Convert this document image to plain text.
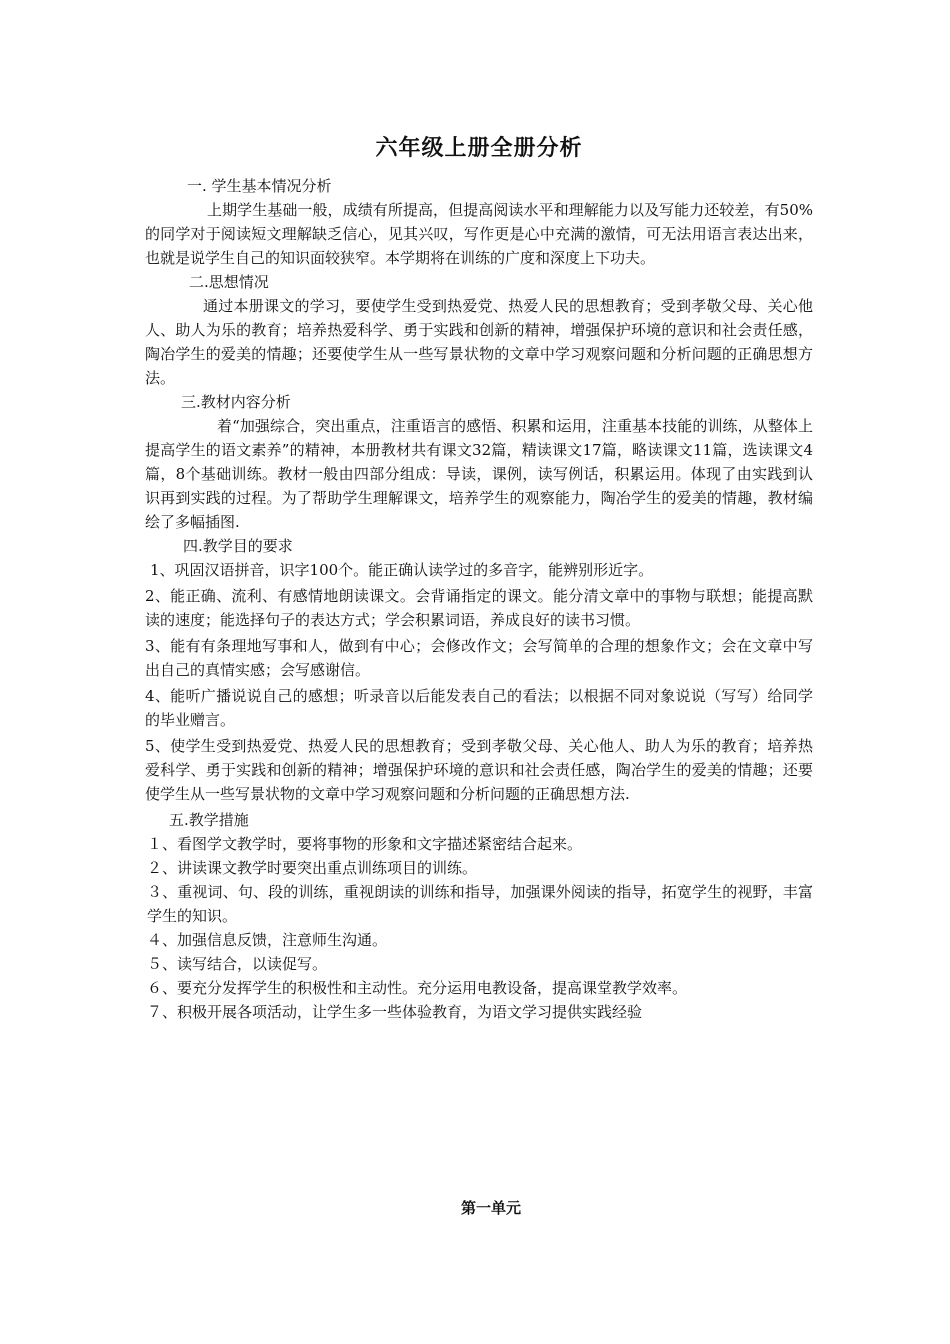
六年级上册全册分析
一. 学生基本情况分析

上期学生基础一般，成绩有所提高，但提高阅读水平和理解能力以及写能力还较差，有50%的同学对于阅读短文理解缺乏信心，见其兴叹，写作更是心中充满的激情，可无法用语言表达出来，也就是说学生自己的知识面较狭窄。本学期将在训练的广度和深度上下功夫。

二.思想情况

通过本册课文的学习，要使学生受到热爱党、热爱人民的思想教育；受到孝敬父母、关心他人、助人为乐的教育；培养热爱科学、勇于实践和创新的精神，增强保护环境的意识和社会责任感，陶冶学生的爱美的情趣；还要使学生从一些写景状物的文章中学习观察问题和分析问题的正确思想方法。

三.教材内容分析

着“加强综合，突出重点，注重语言的感悟、积累和运用，注重基本技能的训练，从整体上提高学生的语文素养”的精神，本册教材共有课文32篇，精读课文17篇，略读课文11篇，选读课文4篇，8个基础训练。教材一般由四部分组成：导读，课例，读写例话，积累运用。体现了由实践到认识再到实践的过程。为了帮助学生理解课文，培养学生的观察能力，陶冶学生的爱美的情趣，教材编绘了多幅插图.

四.教学目的要求

1、巩固汉语拼音，识字100个。能正确认读学过的多音字，能辨别形近字。

2、能正确、流利、有感情地朗读课文。会背诵指定的课文。能分清文章中的事物与联想；能提高默读的速度；能选择句子的表达方式；学会积累词语，养成良好的读书习惯。

3、能有有条理地写事和人，做到有中心；会修改作文；会写简单的合理的想象作文；会在文章中写出自己的真情实感；会写感谢信。

4、能听广播说说自己的感想；听录音以后能发表自己的看法；以根据不同对象说说（写写）给同学的毕业赠言。

5、使学生受到热爱党、热爱人民的思想教育；受到孝敬父母、关心他人、助人为乐的教育；培养热爱科学、勇于实践和创新的精神；增强保护环境的意识和社会责任感，陶冶学生的爱美的情趣；还要使学生从一些写景状物的文章中学习观察问题和分析问题的正确思想方法.

五.教学措施

１、看图学文教学时，要将事物的形象和文字描述紧密结合起来。

２、讲读课文教学时要突出重点训练项目的训练。

３、重视词、句、段的训练，重视朗读的训练和指导，加强课外阅读的指导，拓宽学生的视野，丰富学生的知识。

４、加强信息反馈，注意师生沟通。

５、读写结合，以读促写。

６、要充分发挥学生的积极性和主动性。充分运用电教设备，提高课堂教学效率。

７、积极开展各项活动，让学生多一些体验教育，为语文学习提供实践经验

第一单元
